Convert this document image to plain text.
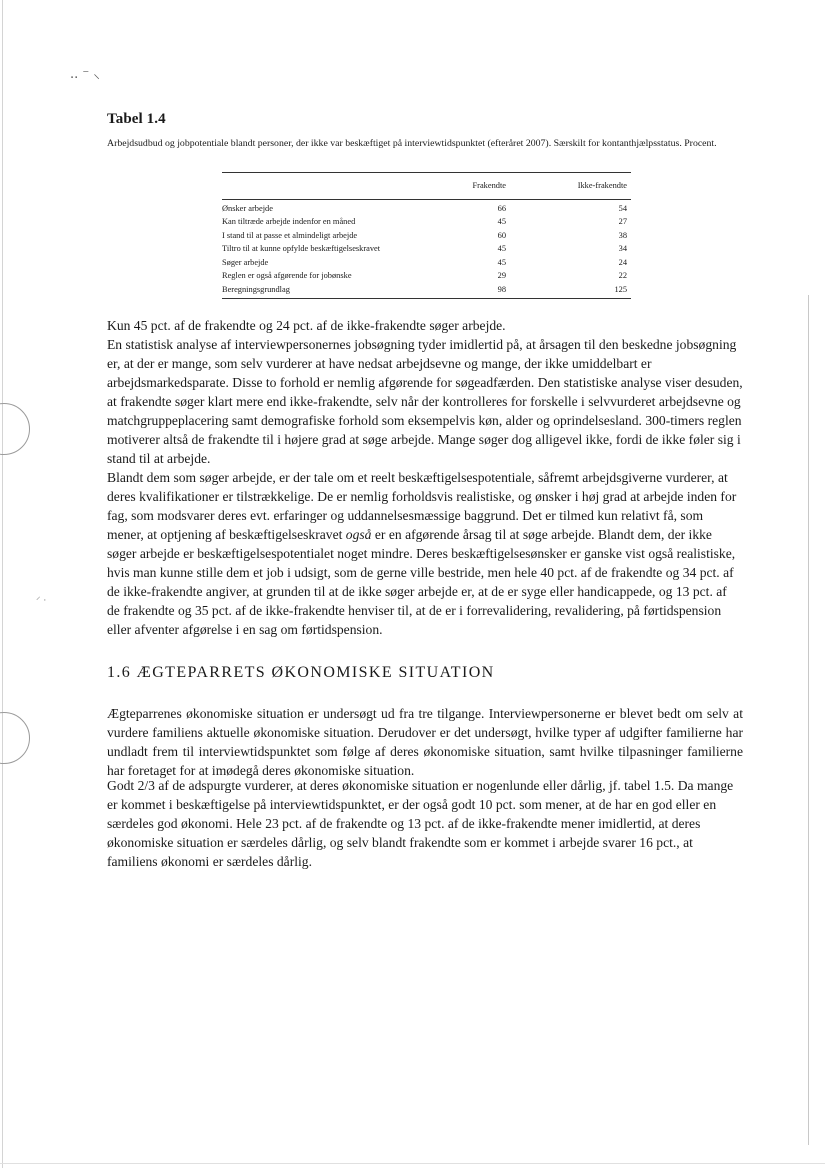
.. ⁻ ⸜
⸍ ·
Tabel 1.4
Arbejdsudbud og jobpotentiale blandt personer, der ikke var beskæftiget på interviewtidspunktet (efteråret 2007). Særskilt for kontanthjælpsstatus. Procent.
	Frakendte	Ikke-frakendte
Ønsker arbejde	66	54
Kan tiltræde arbejde indenfor en måned	45	27
I stand til at passe et almindeligt arbejde	60	38
Tiltro til at kunne opfylde beskæftigelseskravet	45	34
Søger arbejde	45	24
Reglen er også afgørende for jobønske	29	22
Beregningsgrundlag	98	125

Kun 45 pct. af de frakendte og 24 pct. af de ikke-frakendte søger arbejde.

En statistisk analyse af interviewpersonernes jobsøgning tyder imidlertid på, at årsagen til den beskedne jobsøgning er, at der er mange, som selv vurderer at have nedsat arbejdsevne og mange, der ikke umiddelbart er arbejdsmarkedsparate. Disse to forhold er nemlig afgørende for søgeadfærden. Den statistiske analyse viser desuden, at frakendte søger klart mere end ikke-frakendte, selv når der kontrolleres for forskelle i selvvurderet arbejdsevne og matchgruppeplacering samt demografiske forhold som eksempelvis køn, alder og oprindelsesland. 300-timers reglen motiverer altså de frakendte til i højere grad at søge arbejde. Mange søger dog alligevel ikke, fordi de ikke føler sig i stand til at arbejde.

Blandt dem som søger arbejde, er der tale om et reelt beskæftigelsespotentiale, såfremt arbejdsgiverne vurderer, at deres kvalifikationer er tilstrækkelige. De er nemlig forholdsvis realistiske, og ønsker i høj grad at arbejde inden for fag, som modsvarer deres evt. erfaringer og uddannelsesmæssige baggrund. Det er tilmed kun relativt få, som mener, at optjening af beskæftigelseskravet også er en afgørende årsag til at søge arbejde. Blandt dem, der ikke søger arbejde er beskæftigelsespotentialet noget mindre. Deres beskæftigelsesønsker er ganske vist også realistiske, hvis man kunne stille dem et job i udsigt, som de gerne ville bestride, men hele 40 pct. af de frakendte og 34 pct. af de ikke-frakendte angiver, at grunden til at de ikke søger arbejde er, at de er syge eller handicappede, og 13 pct. af de frakendte og 35 pct. af de ikke-frakendte henviser til, at de er i forrevalidering, revalidering, på førtidspension eller afventer afgørelse i en sag om førtidspension.

1.6 ÆGTEPARRETS ØKONOMISKE SITUATION
Ægteparrenes økonomiske situation er undersøgt ud fra tre tilgange. Interviewpersonerne er blevet bedt om selv at vurdere familiens aktuelle økonomiske situation. Derudover er det undersøgt, hvilke typer af udgifter familierne har undladt frem til interviewtidspunktet som følge af deres økonomiske situation, samt hvilke tilpasninger familierne har foretaget for at imødegå deres økonomiske situation.
Godt 2/3 af de adspurgte vurderer, at deres økonomiske situation er nogenlunde eller dårlig, jf. tabel 1.5. Da mange er kommet i beskæftigelse på interviewtidspunktet, er der også godt 10 pct. som mener, at de har en god eller en særdeles god økonomi. Hele 23 pct. af de frakendte og 13 pct. af de ikke-frakendte mener imidlertid, at deres økonomiske situation er særdeles dårlig, og selv blandt frakendte som er kommet i arbejde svarer 16 pct., at familiens økonomi er særdeles dårlig.
